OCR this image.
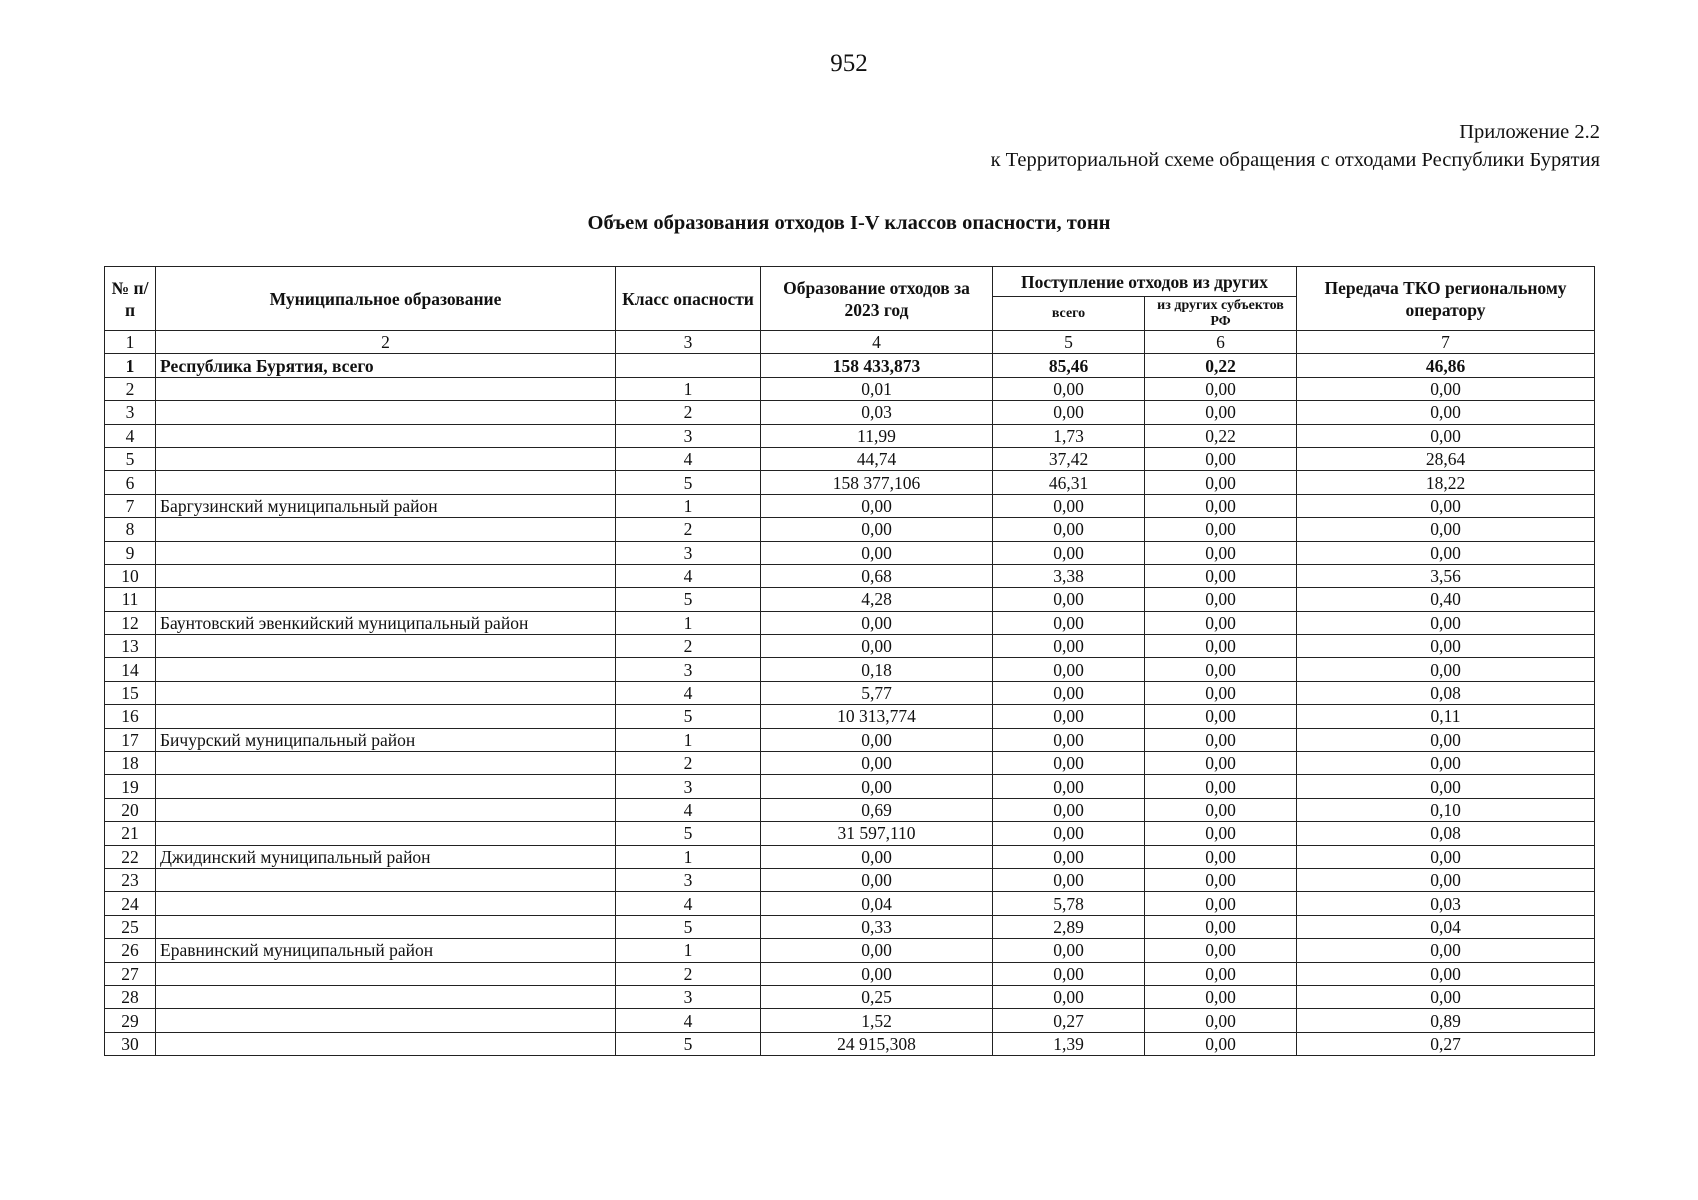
952
Приложение 2.2
к Территориальной схеме обращения с отходами Республики Бурятия
Объем образования отходов I-V классов опасности, тонн
№ п/п	Муниципальное образование	Класс опасности	Образование отходов за 2023 год	Поступление отходов из других		Передача ТКО региональному оператору
				всего	из других субъектов РФ	
1	2	3	4	5	6	7
1	Республика Бурятия, всего		158 433,873	85,46	0,22	46,86
2		1	0,01	0,00	0,00	0,00
3		2	0,03	0,00	0,00	0,00
4		3	11,99	1,73	0,22	0,00
5		4	44,74	37,42	0,00	28,64
6		5	158 377,106	46,31	0,00	18,22
7	Баргузинский муниципальный район	1	0,00	0,00	0,00	0,00
8		2	0,00	0,00	0,00	0,00
9		3	0,00	0,00	0,00	0,00
10		4	0,68	3,38	0,00	3,56
11		5	4,28	0,00	0,00	0,40
12	Баунтовский эвенкийский муниципальный район	1	0,00	0,00	0,00	0,00
13		2	0,00	0,00	0,00	0,00
14		3	0,18	0,00	0,00	0,00
15		4	5,77	0,00	0,00	0,08
16		5	10 313,774	0,00	0,00	0,11
17	Бичурский муниципальный район	1	0,00	0,00	0,00	0,00
18		2	0,00	0,00	0,00	0,00
19		3	0,00	0,00	0,00	0,00
20		4	0,69	0,00	0,00	0,10
21		5	31 597,110	0,00	0,00	0,08
22	Джидинский муниципальный район	1	0,00	0,00	0,00	0,00
23		3	0,00	0,00	0,00	0,00
24		4	0,04	5,78	0,00	0,03
25		5	0,33	2,89	0,00	0,04
26	Еравнинский муниципальный район	1	0,00	0,00	0,00	0,00
27		2	0,00	0,00	0,00	0,00
28		3	0,25	0,00	0,00	0,00
29		4	1,52	0,27	0,00	0,89
30		5	24 915,308	1,39	0,00	0,27
